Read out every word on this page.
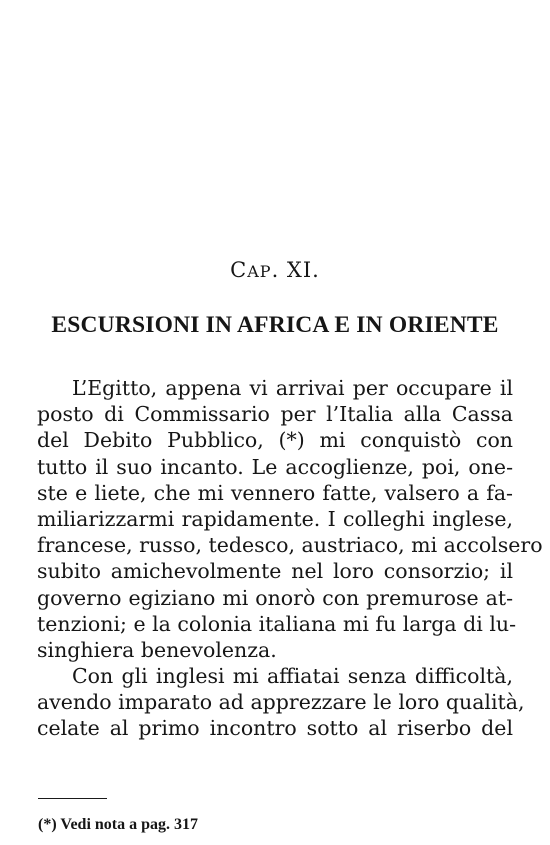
CAP. XI.
ESCURSIONI IN AFRICA E IN ORIENTE
L’Egitto, appena vi arrivai per occupare il
posto di Commissario per l’Italia alla Cassa
del Debito Pubblico, (*) mi conquistò con
tutto il suo incanto. Le accoglienze, poi, one-
ste e liete, che mi vennero fatte, valsero a fa-
miliarizzarmi rapidamente. I colleghi inglese,
francese, russo, tedesco, austriaco, mi accolsero
subito amichevolmente nel loro consorzio; il
governo egiziano mi onorò con premurose at-
tenzioni; e la colonia italiana mi fu larga di lu-
singhiera benevolenza.
Con gli inglesi mi affiatai senza difficoltà,
avendo imparato ad apprezzare le loro qualità,
celate al primo incontro sotto al riserbo del
(*) Vedi nota a pag. 317
